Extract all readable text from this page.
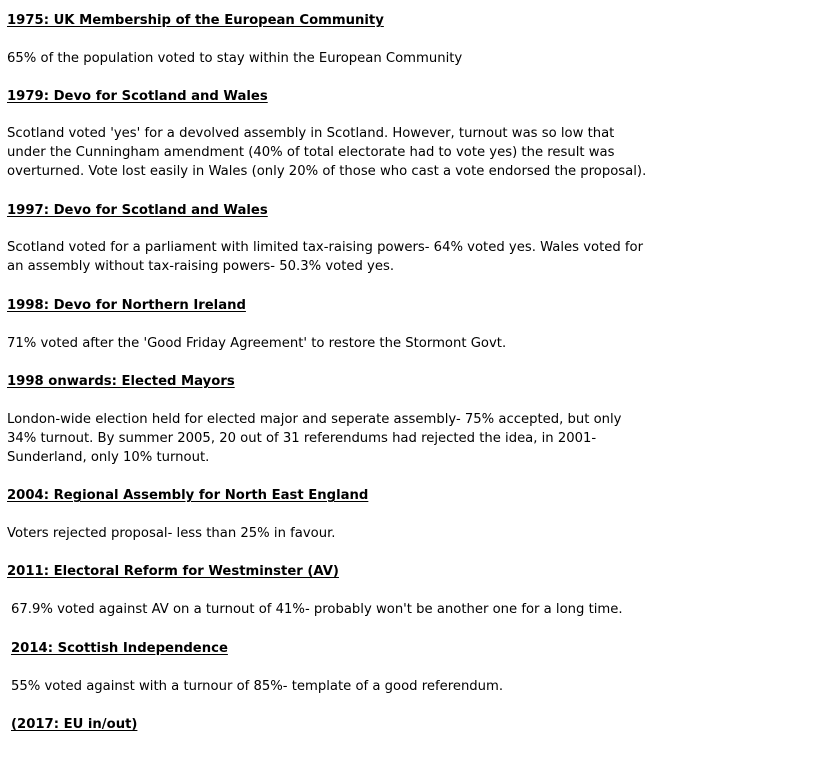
1975: UK Membership of the European Community
65% of the population voted to stay within the European Community
1979: Devo for Scotland and Wales
Scotland voted 'yes' for a devolved assembly in Scotland. However, turnout was so low that
under the Cunningham amendment (40% of total electorate had to vote yes) the result was
overturned. Vote lost easily in Wales (only 20% of those who cast a vote endorsed the proposal).
1997: Devo for Scotland and Wales
Scotland voted for a parliament with limited tax-raising powers- 64% voted yes. Wales voted for
an assembly without tax-raising powers- 50.3% voted yes.
1998: Devo for Northern Ireland
71% voted after the 'Good Friday Agreement' to restore the Stormont Govt.
1998 onwards: Elected Mayors
London-wide election held for elected major and seperate assembly- 75% accepted, but only
34% turnout. By summer 2005, 20 out of 31 referendums had rejected the idea, in 2001-
Sunderland, only 10% turnout.
2004: Regional Assembly for North East England
Voters rejected proposal- less than 25% in favour.
2011: Electoral Reform for Westminster (AV)
67.9% voted against AV on a turnout of 41%- probably won't be another one for a long time.
2014: Scottish Independence
55% voted against with a turnour of 85%- template of a good referendum.
(2017: EU in/out)
